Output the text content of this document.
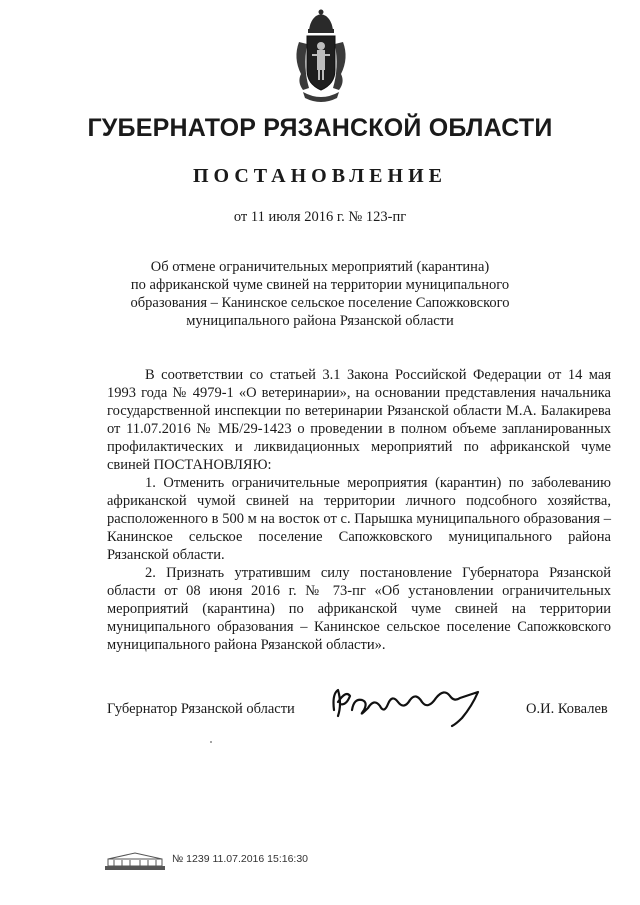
ГУБЕРНАТОР РЯЗАНСКОЙ ОБЛАСТИ
ПОСТАНОВЛЕНИЕ
от 11 июля 2016 г. № 123-пг
Об отмене ограничительных мероприятий (карантина)
по африканской чуме свиней на территории муниципального
образования – Канинское сельское поселение Сапожковского
муниципального района Рязанской области

В соответствии со статьей 3.1 Закона Российской Федерации от 14 мая 1993 года № 4979-1 «О ветеринарии», на основании представления начальника государственной инспекции по ветеринарии Рязанской области М.А. Балакирева от 11.07.2016 № МБ/29-1423 о проведении в полном объеме запланированных профилактических и ликвидационных мероприятий по африканской чуме свиней ПОСТАНОВЛЯЮ:

1. Отменить ограничительные мероприятия (карантин) по заболеванию африканской чумой свиней на территории личного подсобного хозяйства, расположенного в 500 м на восток от с. Парышка муниципального образования – Канинское сельское поселение Сапожковского муниципального района Рязанской области.

2. Признать утратившим силу постановление Губернатора Рязанской области от 08 июня 2016 г. № 73-пг «Об установлении ограничительных мероприятий (карантина) по африканской чуме свиней на территории муниципального образования – Канинское сельское поселение Сапожковского муниципального района Рязанской области».

Губернатор Рязанской области	О.И. Ковалев
№ 1239 11.07.2016 15:16:30
